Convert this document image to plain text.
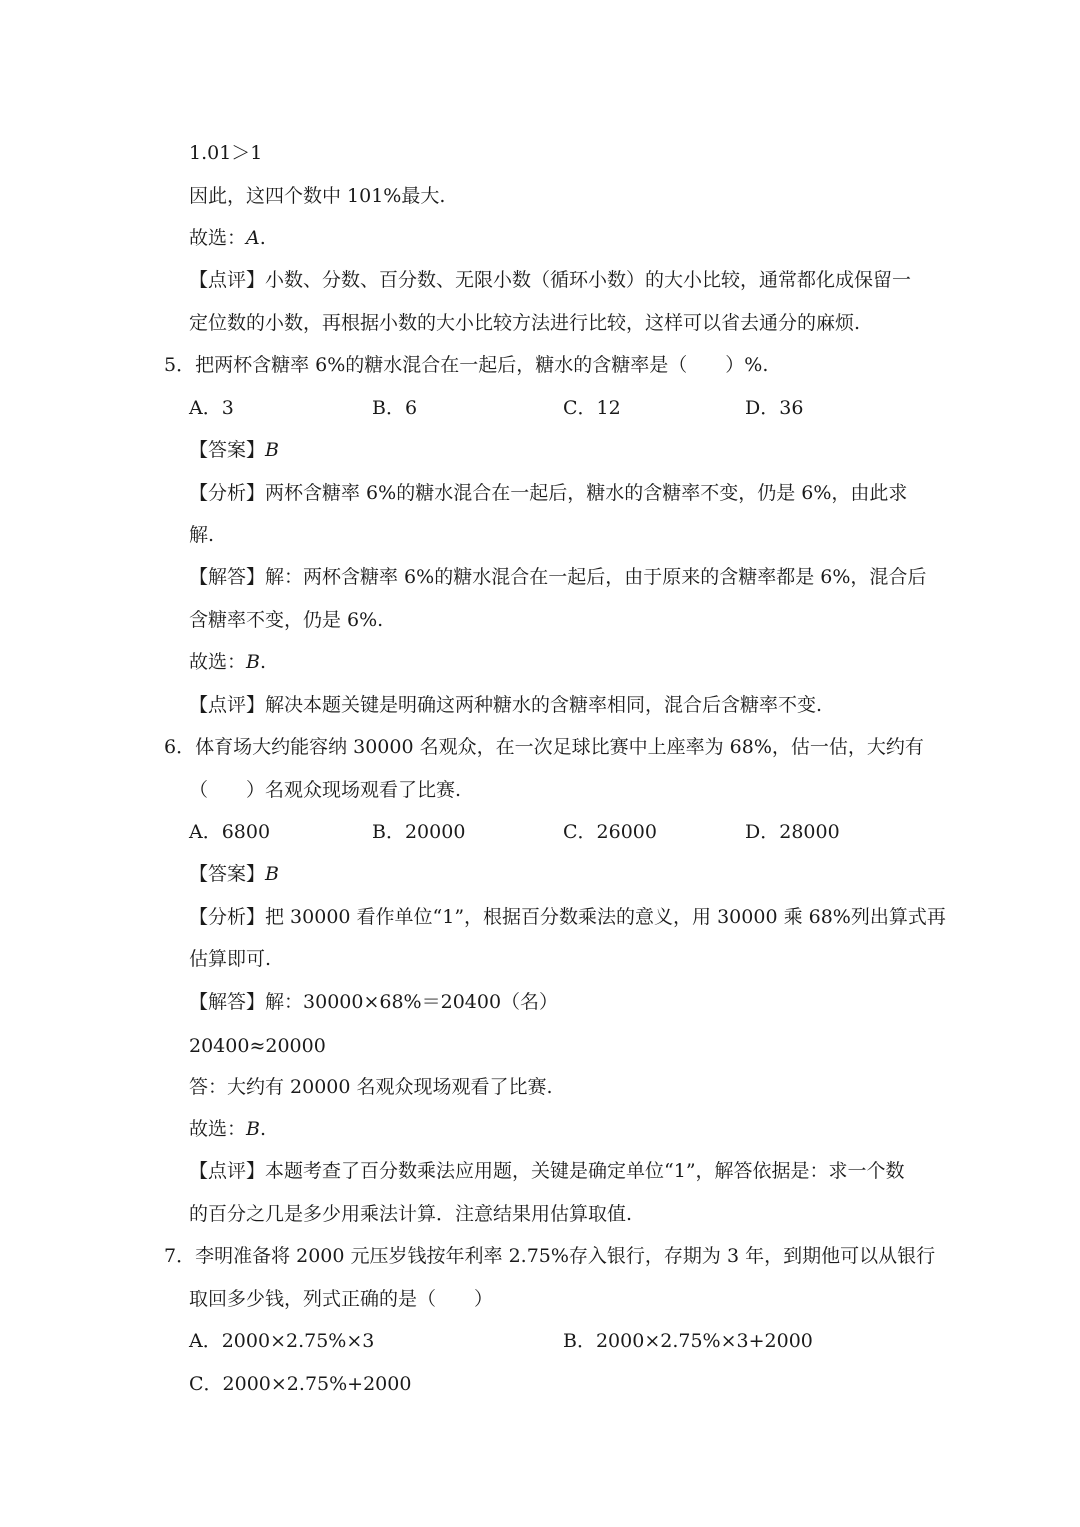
1.01＞1
因此，这四个数中 101%最大.
故选：A.
【点评】小数、分数、百分数、无限小数（循环小数）的大小比较，通常都化成保留一
定位数的小数，再根据小数的大小比较方法进行比较，这样可以省去通分的麻烦.
5．把两杯含糖率 6%的糖水混合在一起后，糖水的含糖率是（　　）%.
A．3	B．6	C．12	D．36
【答案】B
【分析】两杯含糖率 6%的糖水混合在一起后，糖水的含糖率不变，仍是 6%，由此求
解.
【解答】解：两杯含糖率 6%的糖水混合在一起后，由于原来的含糖率都是 6%，混合后
含糖率不变，仍是 6%.
故选：B.
【点评】解决本题关键是明确这两种糖水的含糖率相同，混合后含糖率不变.
6．体育场大约能容纳 30000 名观众，在一次足球比赛中上座率为 68%，估一估，大约有
（　　）名观众现场观看了比赛.
A．6800	B．20000	C．26000	D．28000
【答案】B
【分析】把 30000 看作单位“1”，根据百分数乘法的意义，用 30000 乘 68%列出算式再
估算即可.
【解答】解：30000×68%＝20400（名）
20400≈20000
答：大约有 20000 名观众现场观看了比赛.
故选：B.
【点评】本题考查了百分数乘法应用题，关键是确定单位“1”，解答依据是：求一个数
的百分之几是多少用乘法计算．注意结果用估算取值.
7．李明准备将 2000 元压岁钱按年利率 2.75%存入银行，存期为 3 年，到期他可以从银行
取回多少钱，列式正确的是（　　）
A．2000×2.75%×3	B．2000×2.75%×3+2000
C．2000×2.75%+2000
